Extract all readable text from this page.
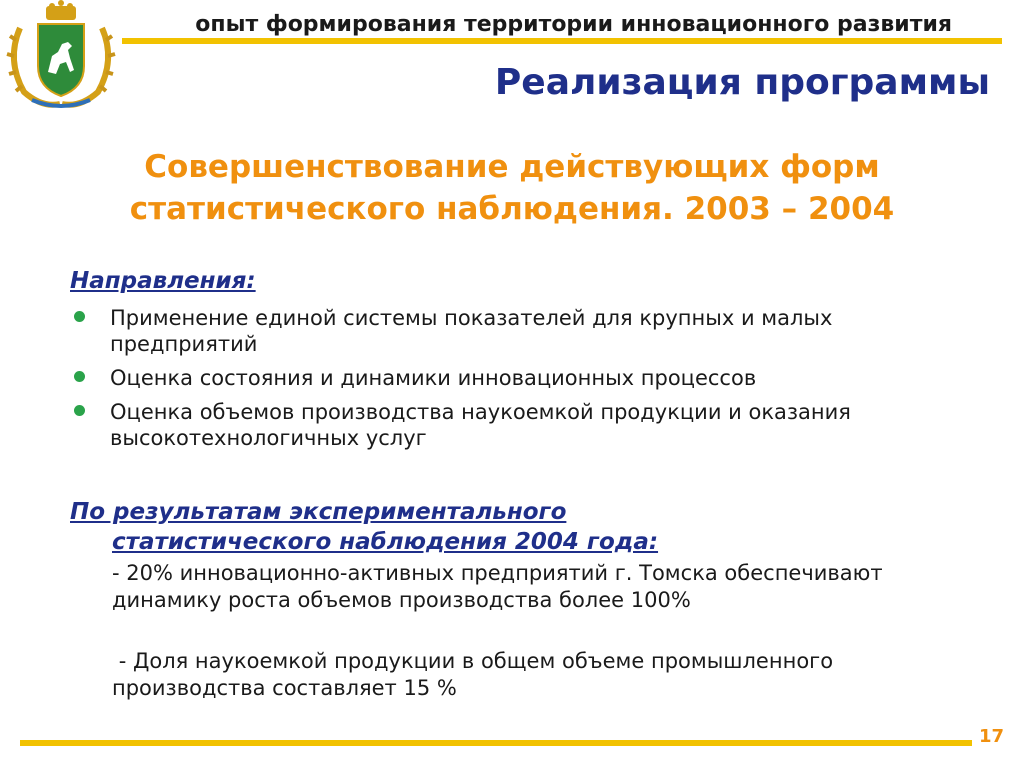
опыт формирования территории инновационного развития
Реализация программы
Совершенствование действующих форм
статистического наблюдения. 2003 – 2004
Направления:
Применение единой системы показателей для крупных и малых предприятий
Оценка состояния и динамики инновационных процессов
Оценка объемов производства наукоемкой продукции и оказания высокотехнологичных услуг
По результатам экспериментального
статистического наблюдения 2004 года:
- 20% инновационно-активных предприятий г. Томска обеспечивают динамику роста объемов производства более 100%
- Доля наукоемкой продукции в общем объеме промышленного производства составляет 15 %
17
